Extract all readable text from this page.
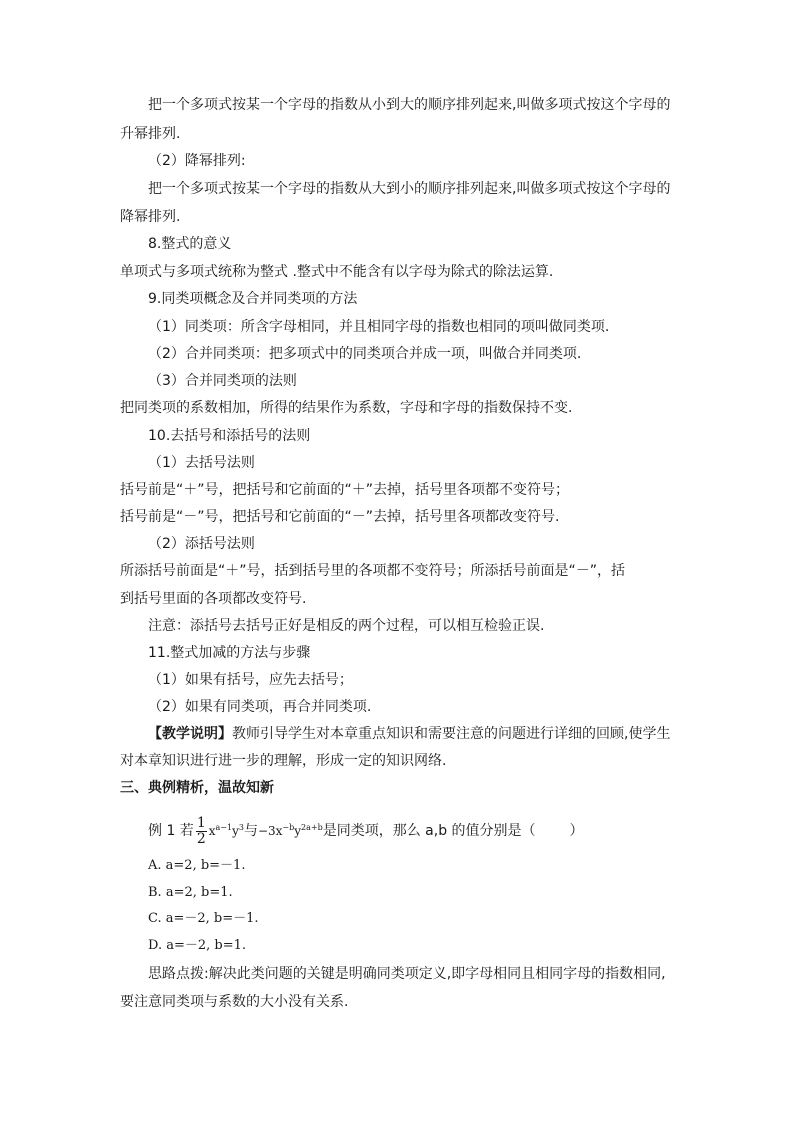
把一个多项式按某一个字母的指数从小到大的顺序排列起来,叫做多项式按这个字母的
升幂排列.
（2）降幂排列:
把一个多项式按某一个字母的指数从大到小的顺序排列起来,叫做多项式按这个字母的
降幂排列.
8.整式的意义
单项式与多项式统称为整式 .整式中不能含有以字母为除式的除法运算.
9.同类项概念及合并同类项的方法
（1）同类项：所含字母相同，并且相同字母的指数也相同的项叫做同类项.
（2）合并同类项：把多项式中的同类项合并成一项，叫做合并同类项.
（3）合并同类项的法则
把同类项的系数相加，所得的结果作为系数，字母和字母的指数保持不变.
10.去括号和添括号的法则
（1）去括号法则
括号前是“＋”号，把括号和它前面的“＋”去掉，括号里各项都不变符号；
括号前是“－”号，把括号和它前面的“－”去掉，括号里各项都改变符号.
（2）添括号法则
所添括号前面是“＋”号，括到括号里的各项都不变符号；所添括号前面是“－”，括
到括号里面的各项都改变符号.
注意：添括号去括号正好是相反的两个过程，可以相互检验正误.
11.整式加减的方法与步骤
（1）如果有括号，应先去括号；
（2）如果有同类项，再合并同类项.
【教学说明】教师引导学生对本章重点知识和需要注意的问题进行详细的回顾,使学生
对本章知识进行进一步的理解，形成一定的知识网络.
三、典例精析，温故知新
例 1 若 $\frac{1}{2} x^{a-1}y^3$与$-3x^{-b}y^{2a+b}$是同类项，那么 a,b 的值分别是（ ）
A. a=2, b=－1.
B. a=2, b=1.
C. a=－2, b=－1.
D. a=－2, b=1.
思路点拨:解决此类问题的关键是明确同类项定义,即字母相同且相同字母的指数相同,
要注意同类项与系数的大小没有关系.
